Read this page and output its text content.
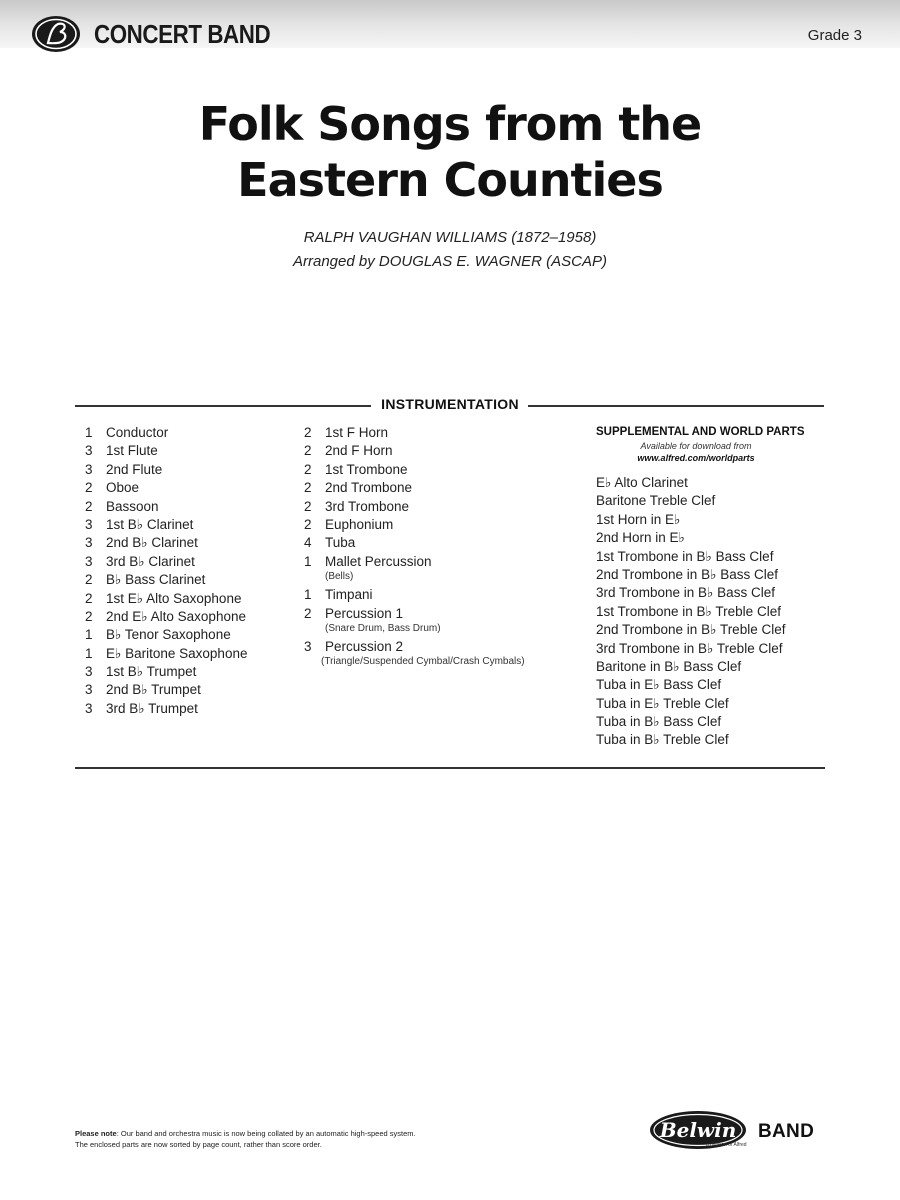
CONCERT BAND	Grade 3
Folk Songs from the
Eastern Counties
RALPH VAUGHAN WILLIAMS (1872–1958)
Arranged by DOUGLAS E. WAGNER (ASCAP)
INSTRUMENTATION
1 Conductor
3 1st Flute
3 2nd Flute
2 Oboe
2 Bassoon
3 1st B♭ Clarinet
3 2nd B♭ Clarinet
3 3rd B♭ Clarinet
2 B♭ Bass Clarinet
2 1st E♭ Alto Saxophone
2 2nd E♭ Alto Saxophone
1 B♭ Tenor Saxophone
1 E♭ Baritone Saxophone
3 1st B♭ Trumpet
3 2nd B♭ Trumpet
3 3rd B♭ Trumpet
2 1st F Horn
2 2nd F Horn
2 1st Trombone
2 2nd Trombone
2 3rd Trombone
2 Euphonium
4 Tuba
1 Mallet Percussion
(Bells)
1 Timpani
2 Percussion 1
(Snare Drum, Bass Drum)
3 Percussion 2
(Triangle/Suspended Cymbal/Crash Cymbals)
SUPPLEMENTAL AND WORLD PARTS
Available for download from
www.alfred.com/worldparts
E♭ Alto Clarinet
Baritone Treble Clef
1st Horn in E♭
2nd Horn in E♭
1st Trombone in B♭ Bass Clef
2nd Trombone in B♭ Bass Clef
3rd Trombone in B♭ Bass Clef
1st Trombone in B♭ Treble Clef
2nd Trombone in B♭ Treble Clef
3rd Trombone in B♭ Treble Clef
Baritone in B♭ Bass Clef
Tuba in E♭ Bass Clef
Tuba in E♭ Treble Clef
Tuba in B♭ Bass Clef
Tuba in B♭ Treble Clef
Please note: Our band and orchestra music is now being collated by an automatic high-speed system.
The enclosed parts are now sorted by page count, rather than score order.
Belwin BAND
a division of Alfred
